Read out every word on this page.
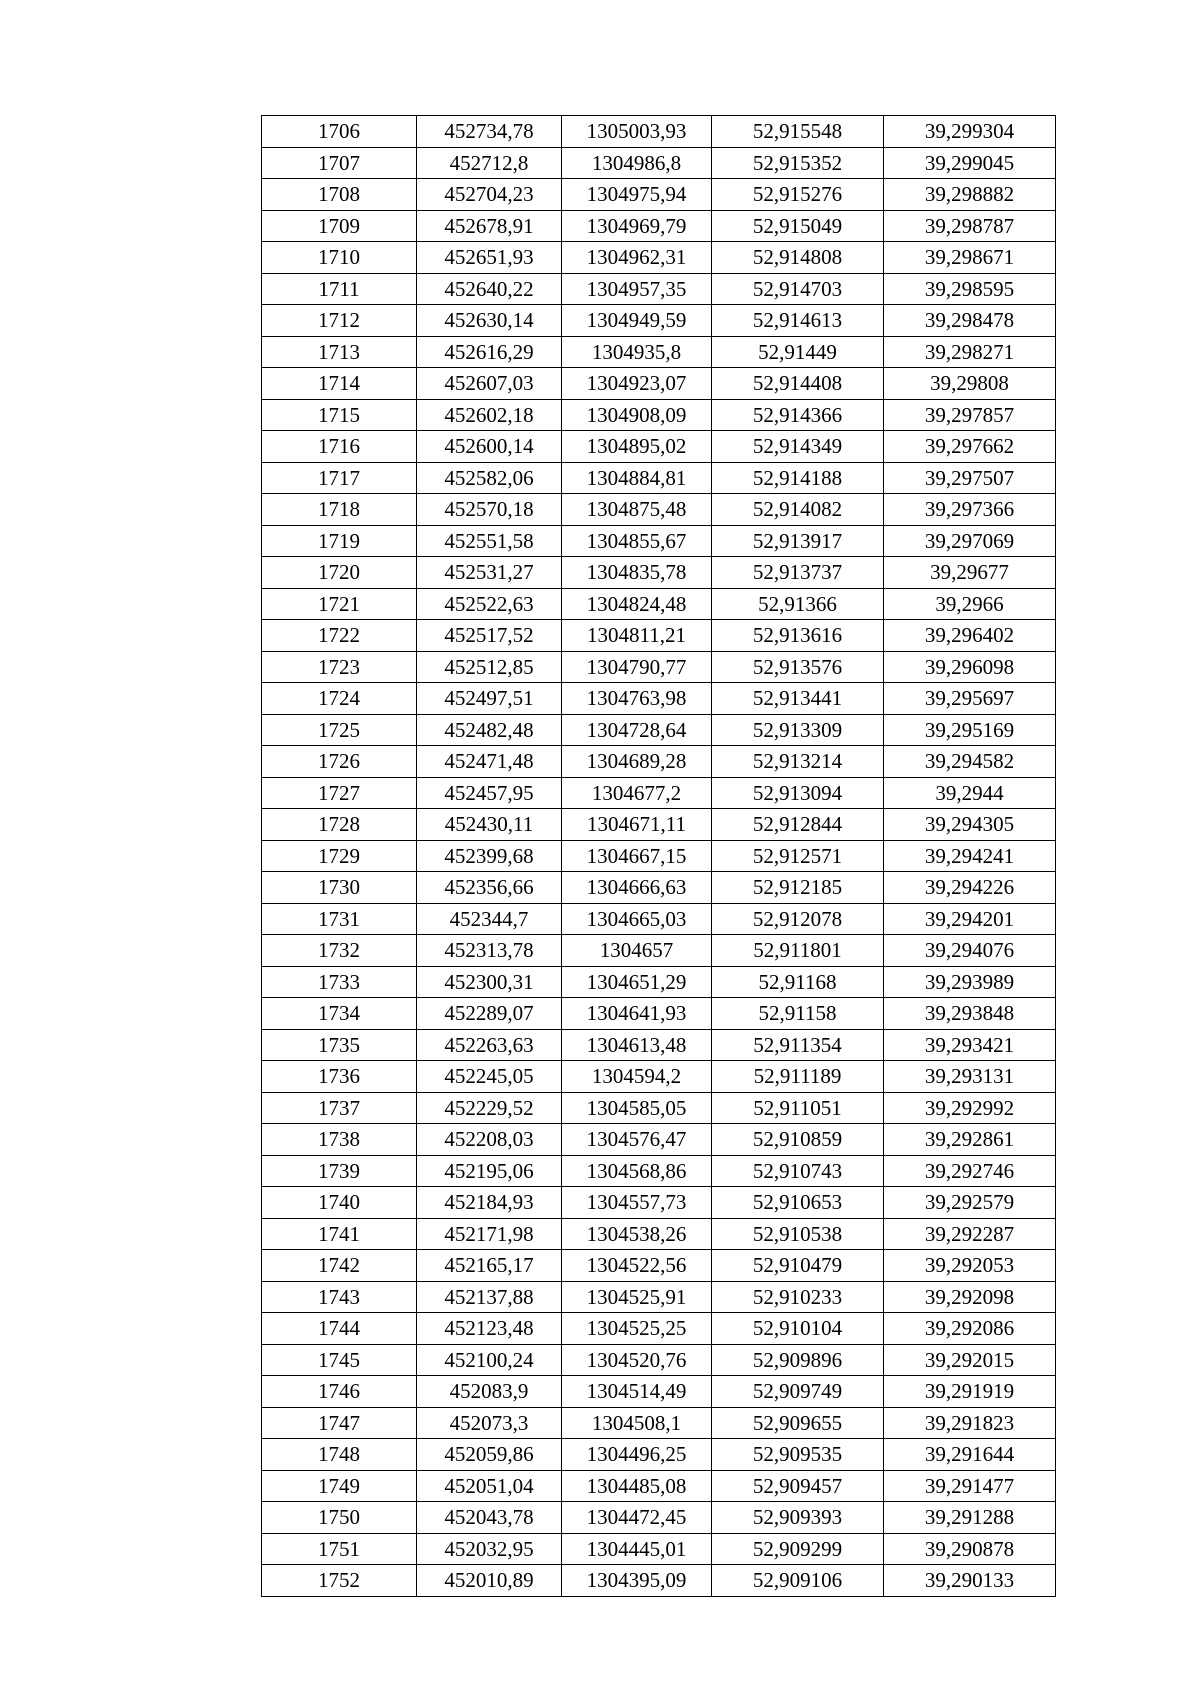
1706	452734,78	1305003,93	52,915548	39,299304
1707	452712,8	1304986,8	52,915352	39,299045
1708	452704,23	1304975,94	52,915276	39,298882
1709	452678,91	1304969,79	52,915049	39,298787
1710	452651,93	1304962,31	52,914808	39,298671
1711	452640,22	1304957,35	52,914703	39,298595
1712	452630,14	1304949,59	52,914613	39,298478
1713	452616,29	1304935,8	52,91449	39,298271
1714	452607,03	1304923,07	52,914408	39,29808
1715	452602,18	1304908,09	52,914366	39,297857
1716	452600,14	1304895,02	52,914349	39,297662
1717	452582,06	1304884,81	52,914188	39,297507
1718	452570,18	1304875,48	52,914082	39,297366
1719	452551,58	1304855,67	52,913917	39,297069
1720	452531,27	1304835,78	52,913737	39,29677
1721	452522,63	1304824,48	52,91366	39,2966
1722	452517,52	1304811,21	52,913616	39,296402
1723	452512,85	1304790,77	52,913576	39,296098
1724	452497,51	1304763,98	52,913441	39,295697
1725	452482,48	1304728,64	52,913309	39,295169
1726	452471,48	1304689,28	52,913214	39,294582
1727	452457,95	1304677,2	52,913094	39,2944
1728	452430,11	1304671,11	52,912844	39,294305
1729	452399,68	1304667,15	52,912571	39,294241
1730	452356,66	1304666,63	52,912185	39,294226
1731	452344,7	1304665,03	52,912078	39,294201
1732	452313,78	1304657	52,911801	39,294076
1733	452300,31	1304651,29	52,91168	39,293989
1734	452289,07	1304641,93	52,91158	39,293848
1735	452263,63	1304613,48	52,911354	39,293421
1736	452245,05	1304594,2	52,911189	39,293131
1737	452229,52	1304585,05	52,911051	39,292992
1738	452208,03	1304576,47	52,910859	39,292861
1739	452195,06	1304568,86	52,910743	39,292746
1740	452184,93	1304557,73	52,910653	39,292579
1741	452171,98	1304538,26	52,910538	39,292287
1742	452165,17	1304522,56	52,910479	39,292053
1743	452137,88	1304525,91	52,910233	39,292098
1744	452123,48	1304525,25	52,910104	39,292086
1745	452100,24	1304520,76	52,909896	39,292015
1746	452083,9	1304514,49	52,909749	39,291919
1747	452073,3	1304508,1	52,909655	39,291823
1748	452059,86	1304496,25	52,909535	39,291644
1749	452051,04	1304485,08	52,909457	39,291477
1750	452043,78	1304472,45	52,909393	39,291288
1751	452032,95	1304445,01	52,909299	39,290878
1752	452010,89	1304395,09	52,909106	39,290133
